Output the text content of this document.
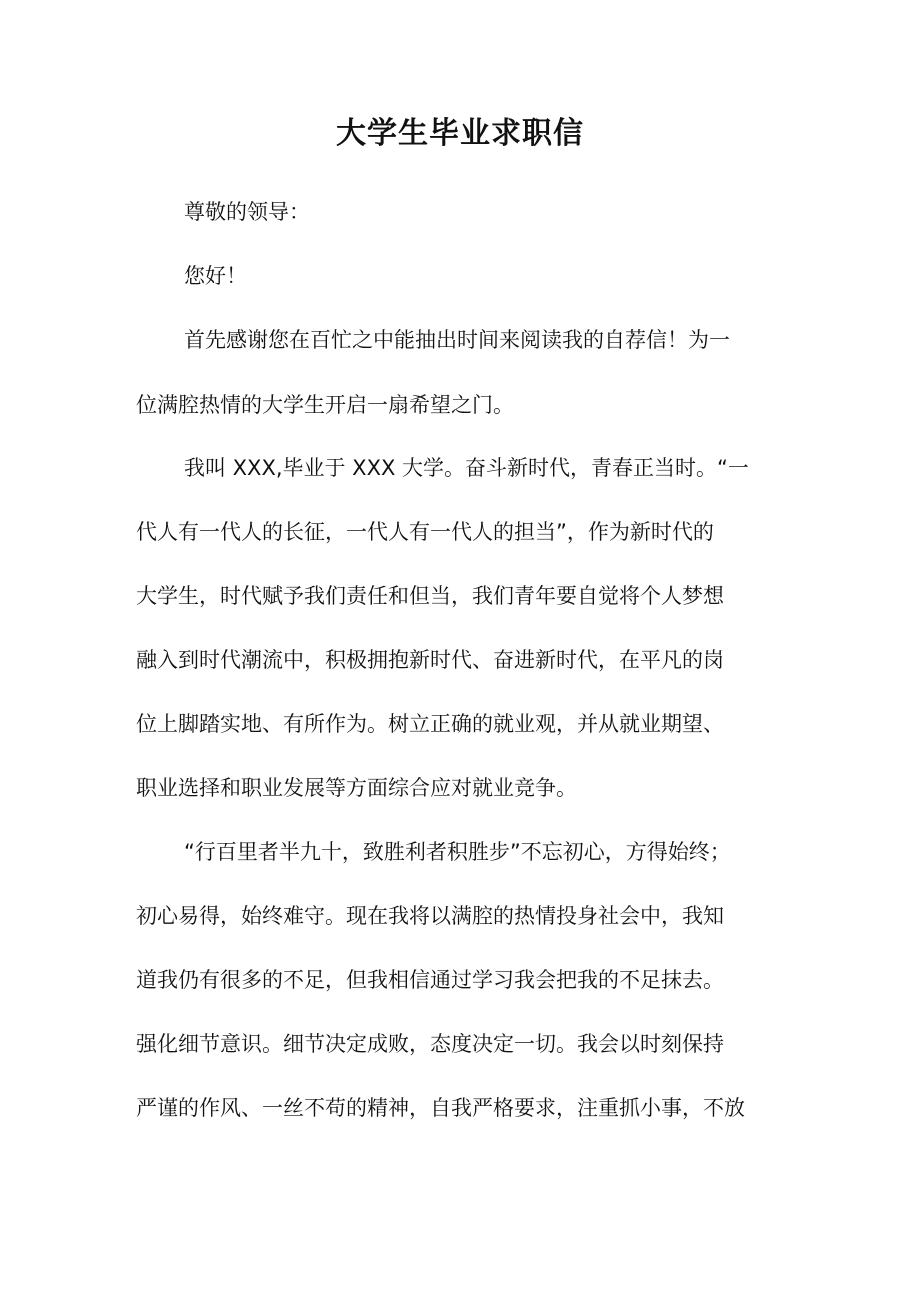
大学生毕业求职信

尊敬的领导：

您好！

首先感谢您在百忙之中能抽出时间来阅读我的自荐信！为一

位满腔热情的大学生开启一扇希望之门。

我叫 XXX,毕业于 XXX 大学。奋斗新时代，青春正当时。“一

代人有一代人的长征，一代人有一代人的担当”，作为新时代的

大学生，时代赋予我们责任和但当，我们青年要自觉将个人梦想

融入到时代潮流中，积极拥抱新时代、奋进新时代，在平凡的岗

位上脚踏实地、有所作为。树立正确的就业观，并从就业期望、

职业选择和职业发展等方面综合应对就业竞争。

“行百里者半九十，致胜利者积胜步”不忘初心，方得始终；

初心易得，始终难守。现在我将以满腔的热情投身社会中，我知

道我仍有很多的不足，但我相信通过学习我会把我的不足抹去。

强化细节意识。细节决定成败，态度决定一切。我会以时刻保持

严谨的作风、一丝不苟的精神，自我严格要求，注重抓小事，不放
